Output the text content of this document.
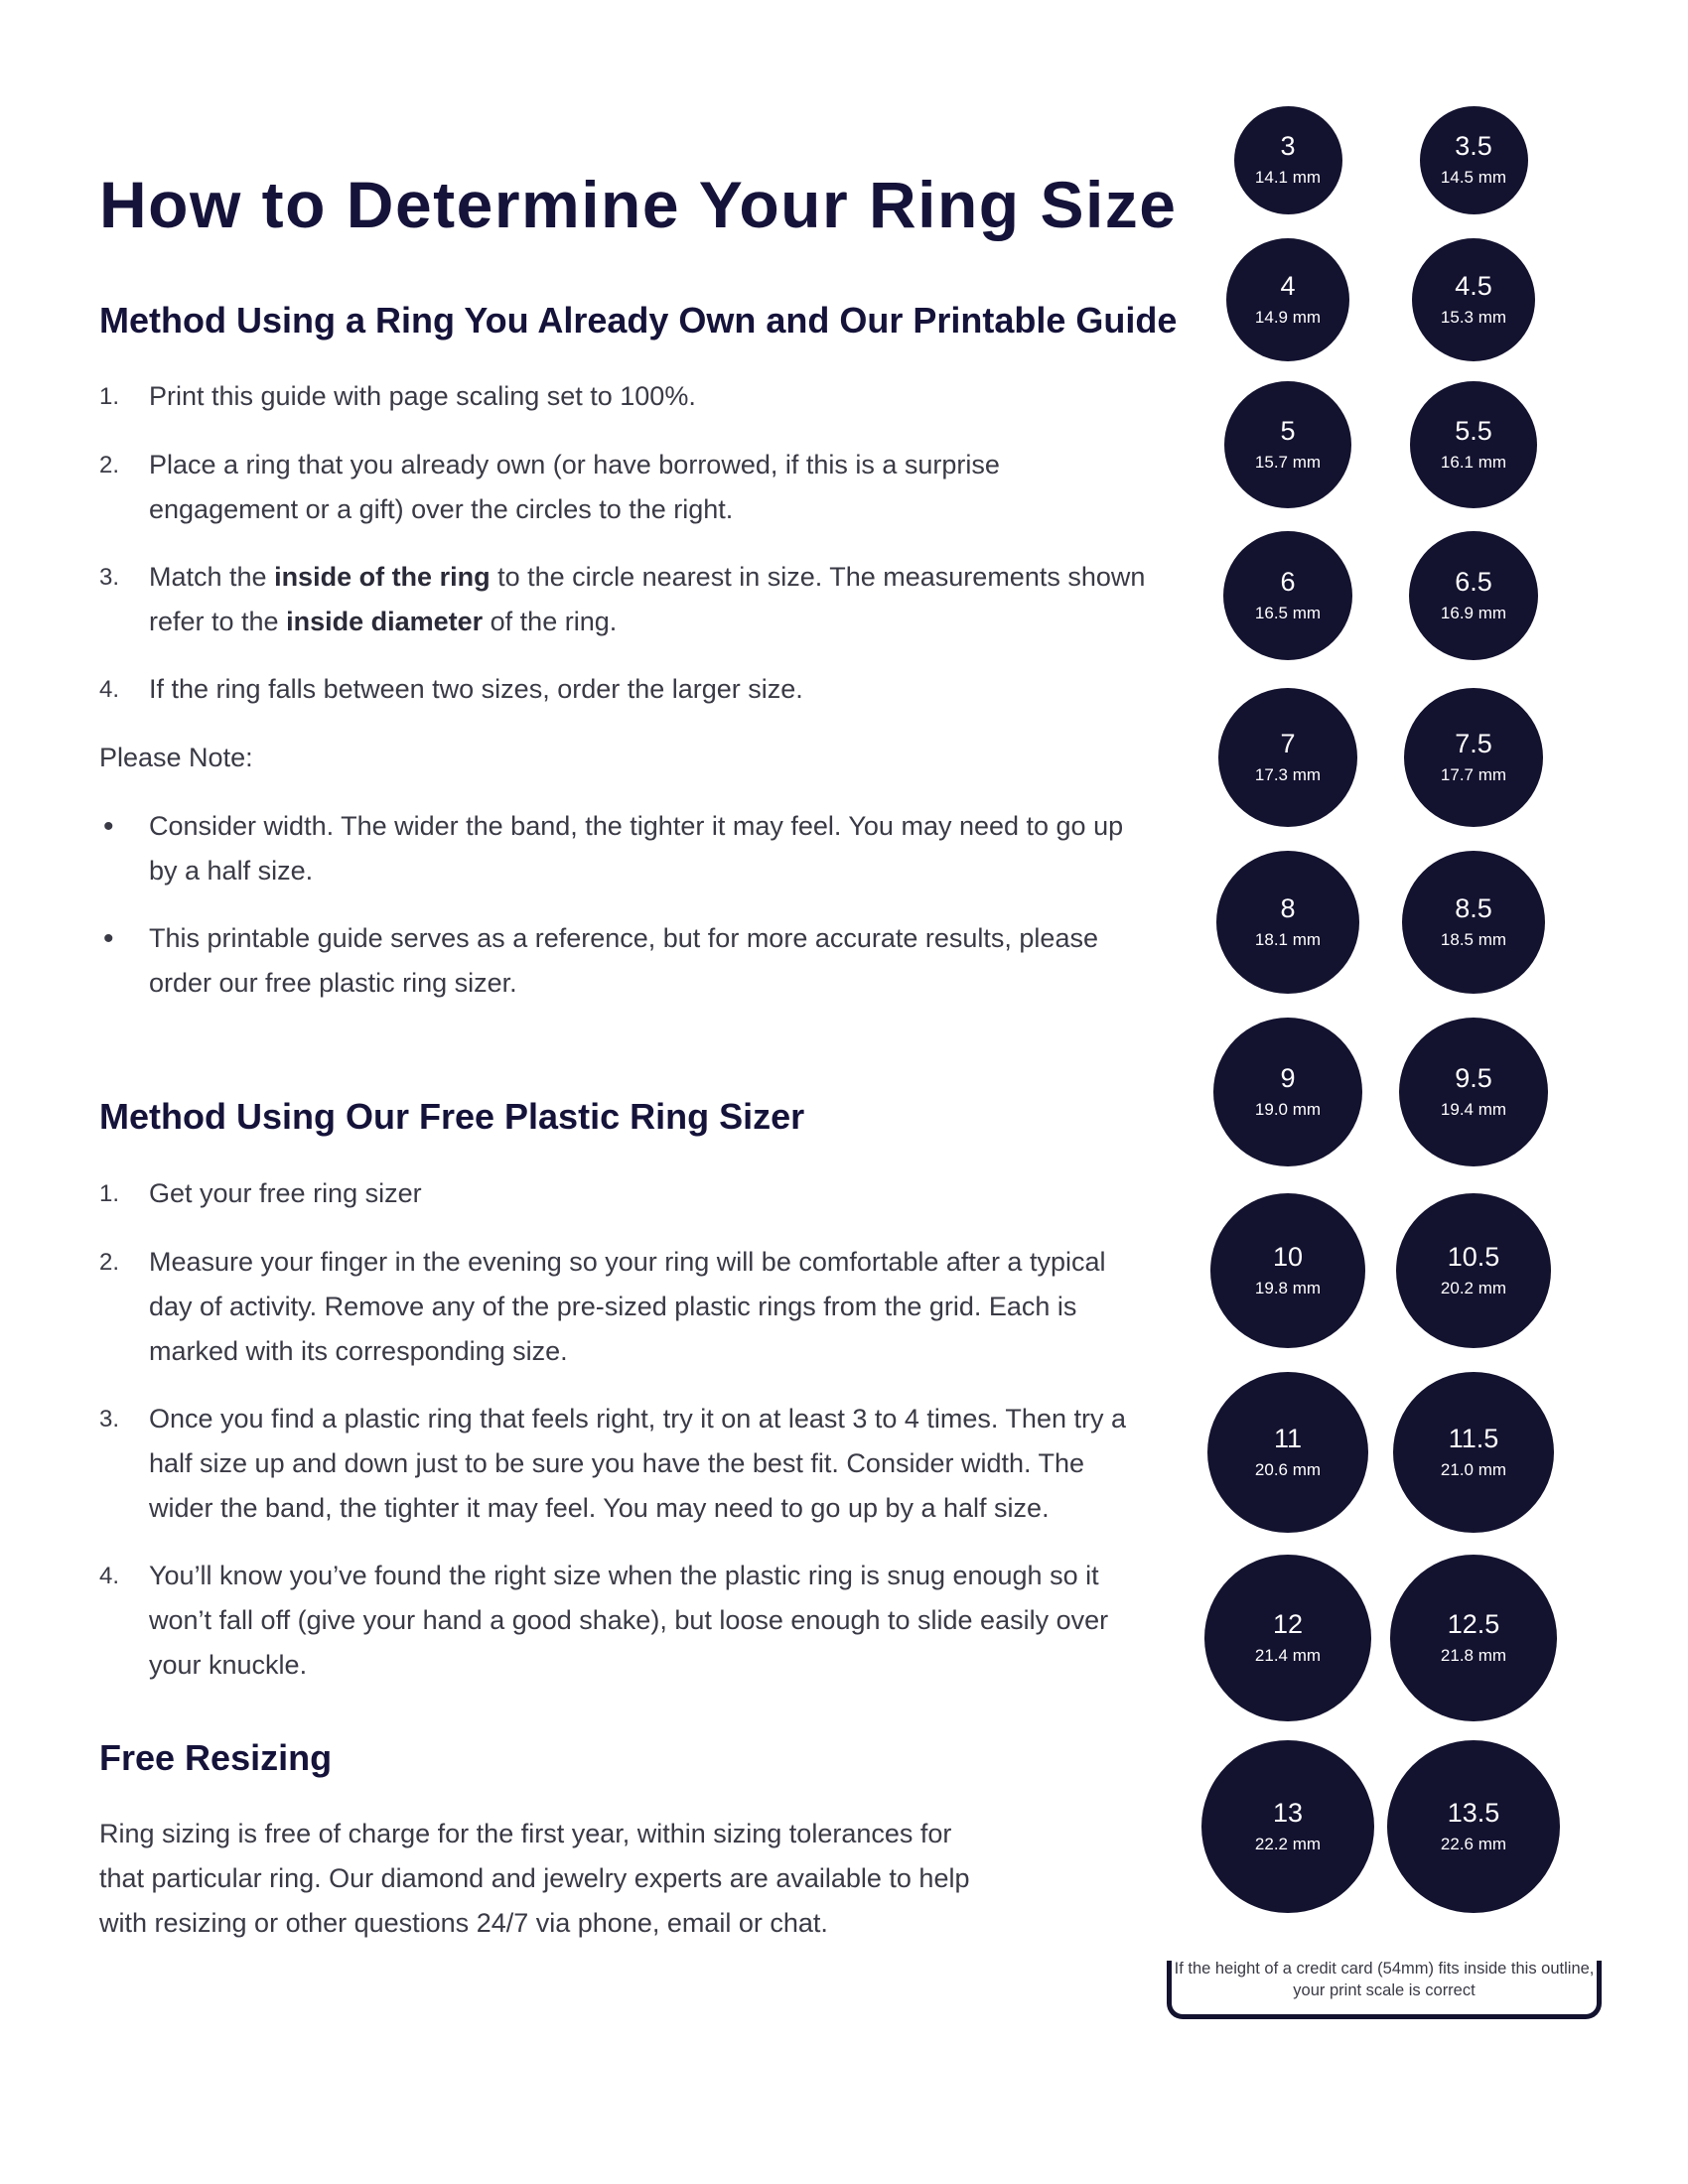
How to Determine Your Ring Size
Method Using a Ring You Already Own and Our Printable Guide
1. Print this guide with page scaling set to 100%.
2. Place a ring that you already own (or have borrowed, if this is a surprise engagement or a gift) over the circles to the right.
3. Match the inside of the ring to the circle nearest in size. The measurements shown refer to the inside diameter of the ring.
4. If the ring falls between two sizes, order the larger size.
Please Note:
• Consider width. The wider the band, the tighter it may feel. You may need to go up by a half size.
• This printable guide serves as a reference, but for more accurate results, please order our free plastic ring sizer.
Method Using Our Free Plastic Ring Sizer
1. Get your free ring sizer
2. Measure your finger in the evening so your ring will be comfortable after a typical day of activity. Remove any of the pre-sized plastic rings from the grid. Each is marked with its corresponding size.
3. Once you find a plastic ring that feels right, try it on at least 3 to 4 times. Then try a half size up and down just to be sure you have the best fit. Consider width. The wider the band, the tighter it may feel. You may need to go up by a half size.
4. You’ll know you’ve found the right size when the plastic ring is snug enough so it won’t fall off (give your hand a good shake), but loose enough to slide easily over your knuckle.
Free Resizing
Ring sizing is free of charge for the first year, within sizing tolerances for that particular ring. Our diamond and jewelry experts are available to help with resizing or other questions 24/7 via phone, email or chat.
3
14.1 mm
3.5
14.5 mm
4
14.9 mm
4.5
15.3 mm
5
15.7 mm
5.5
16.1 mm
6
16.5 mm
6.5
16.9 mm
7
17.3 mm
7.5
17.7 mm
8
18.1 mm
8.5
18.5 mm
9
19.0 mm
9.5
19.4 mm
10
19.8 mm
10.5
20.2 mm
11
20.6 mm
11.5
21.0 mm
12
21.4 mm
12.5
21.8 mm
13
22.2 mm
13.5
22.6 mm
If the height of a credit card (54mm) fits inside this outline, your print scale is correct
